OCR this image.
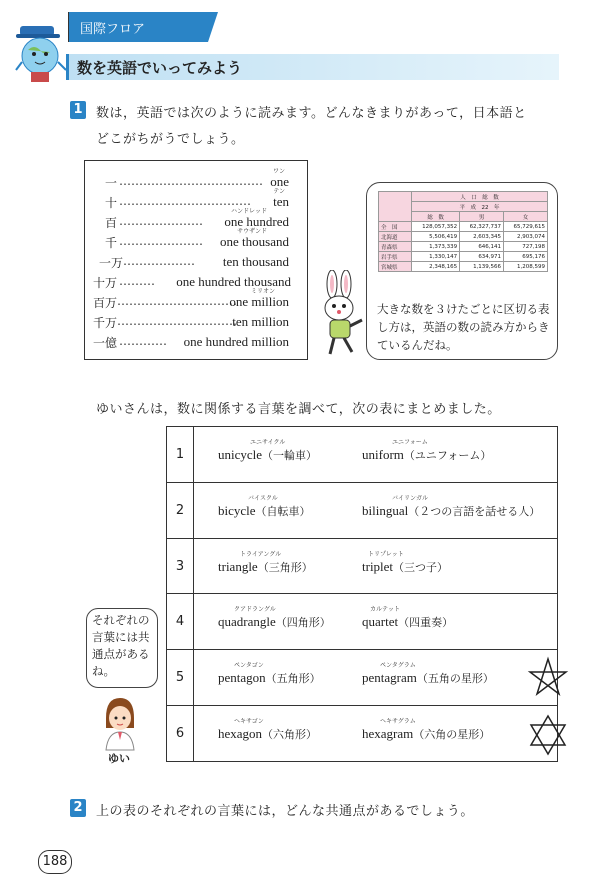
国際フロア
数を英語でいってみよう
1 数は，英語では次のように読みます。どんなきまりがあって，日本語と
どこがちがうでしょう。
一 ………………………………
ワン
one
十 ……………………………
テン
ten
百 …………………
ハンドレッド
one hundred
千 …………………
サウザンド
one thousand
一万 ……………… ten thousand
十万 ……… one hundred thousand
百万 …………………………
ミリオン
one million
千万 …………………………
ten million
一億 ………… one hundred million
	人　口　総　数		
	平　成　22　年		
	総　数	男	女
全　国	128,057,352	62,327,737	65,729,615
北海道	5,506,419	2,603,345	2,903,074
青森県	1,373,339	646,141	727,198
岩手県	1,330,147	634,971	695,176
宮城県	2,348,165	1,139,566	1,208,599
大きな数を３けたごとに区切る表し方は，英語の数の読み方からきているんだね。
ゆいさんは，数に関係する言葉を調べて，次の表にまとめました。
1	ユニサイクル
unicycle（一輪車）
ユニフォーム
uniform（ユニフォーム）

2	バイスクル
bicycle（自転車）
バイリンガル
bilingual（２つの言語を話せる人）

3	トライアングル
triangle（三角形）
トリプレット
triplet（三つ子）

4	クアドラングル
quadrangle（四角形）
カルテット
quartet（四重奏）

5	ペンタゴン
pentagon（五角形）
ペンタグラム
pentagram（五角の星形）

6	ヘキサゴン
hexagon（六角形）
ヘキサグラム
hexagram（六角の星形）
それぞれの言葉には共通点があるね。
ゆい
2 上の表のそれぞれの言葉には，どんな共通点があるでしょう。
188
